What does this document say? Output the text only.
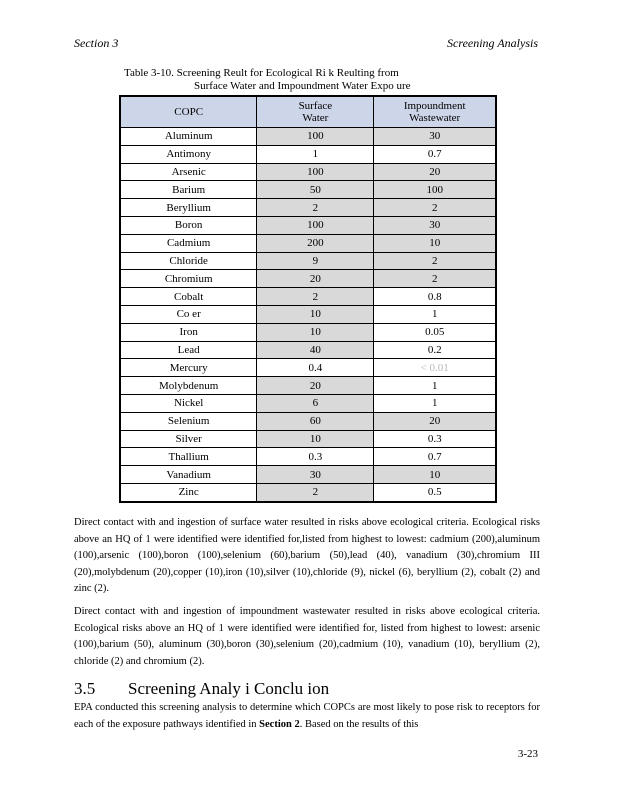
Section 3	Screening Analysis
Table 3-10. Screening Reult for Ecological Ri k Reulting from
Surface Water and Impoundment Water Expo ure
COPC	Surface Water	Impoundment Wastewater
Aluminum	100	30
Antimony	1	0.7
Arsenic	100	20
Barium	50	100
Beryllium	2	2
Boron	100	30
Cadmium	200	10
Chloride	9	2
Chromium	20	2
Cobalt	2	0.8
Co er	10	1
Iron	10	0.05
Lead	40	0.2
Mercury	0.4	< 0.01
Molybdenum	20	1
Nickel	6	1
Selenium	60	20
Silver	10	0.3
Thallium	0.3	0.7
Vanadium	30	10
Zinc	2	0.5

Direct contact with and ingestion of surface water resulted in risks above ecological criteria. Ecological risks above an HQ of 1 were identified were identified for,listed from highest to lowest: cadmium (200),aluminum (100),arsenic (100),boron (100),selenium (60),barium (50),lead (40), vanadium (30),chromium III (20),molybdenum (20),copper (10),iron (10),silver (10),chloride (9), nickel (6), beryllium (2), cobalt (2) and zinc (2).

Direct contact with and ingestion of impoundment wastewater resulted in risks above ecological criteria. Ecological risks above an HQ of 1 were identified were identified for, listed from highest to lowest: arsenic (100),barium (50), aluminum (30),boron (30),selenium (20),cadmium (10), vanadium (10), beryllium (2), chloride (2) and chromium (2).

3.5 Screening Analy i Conclu ion

EPA conducted this screening analysis to determine which COPCs are most likely to pose risk to receptors for each of the exposure pathways identified in Section 2. Based on the results of this

3-23
